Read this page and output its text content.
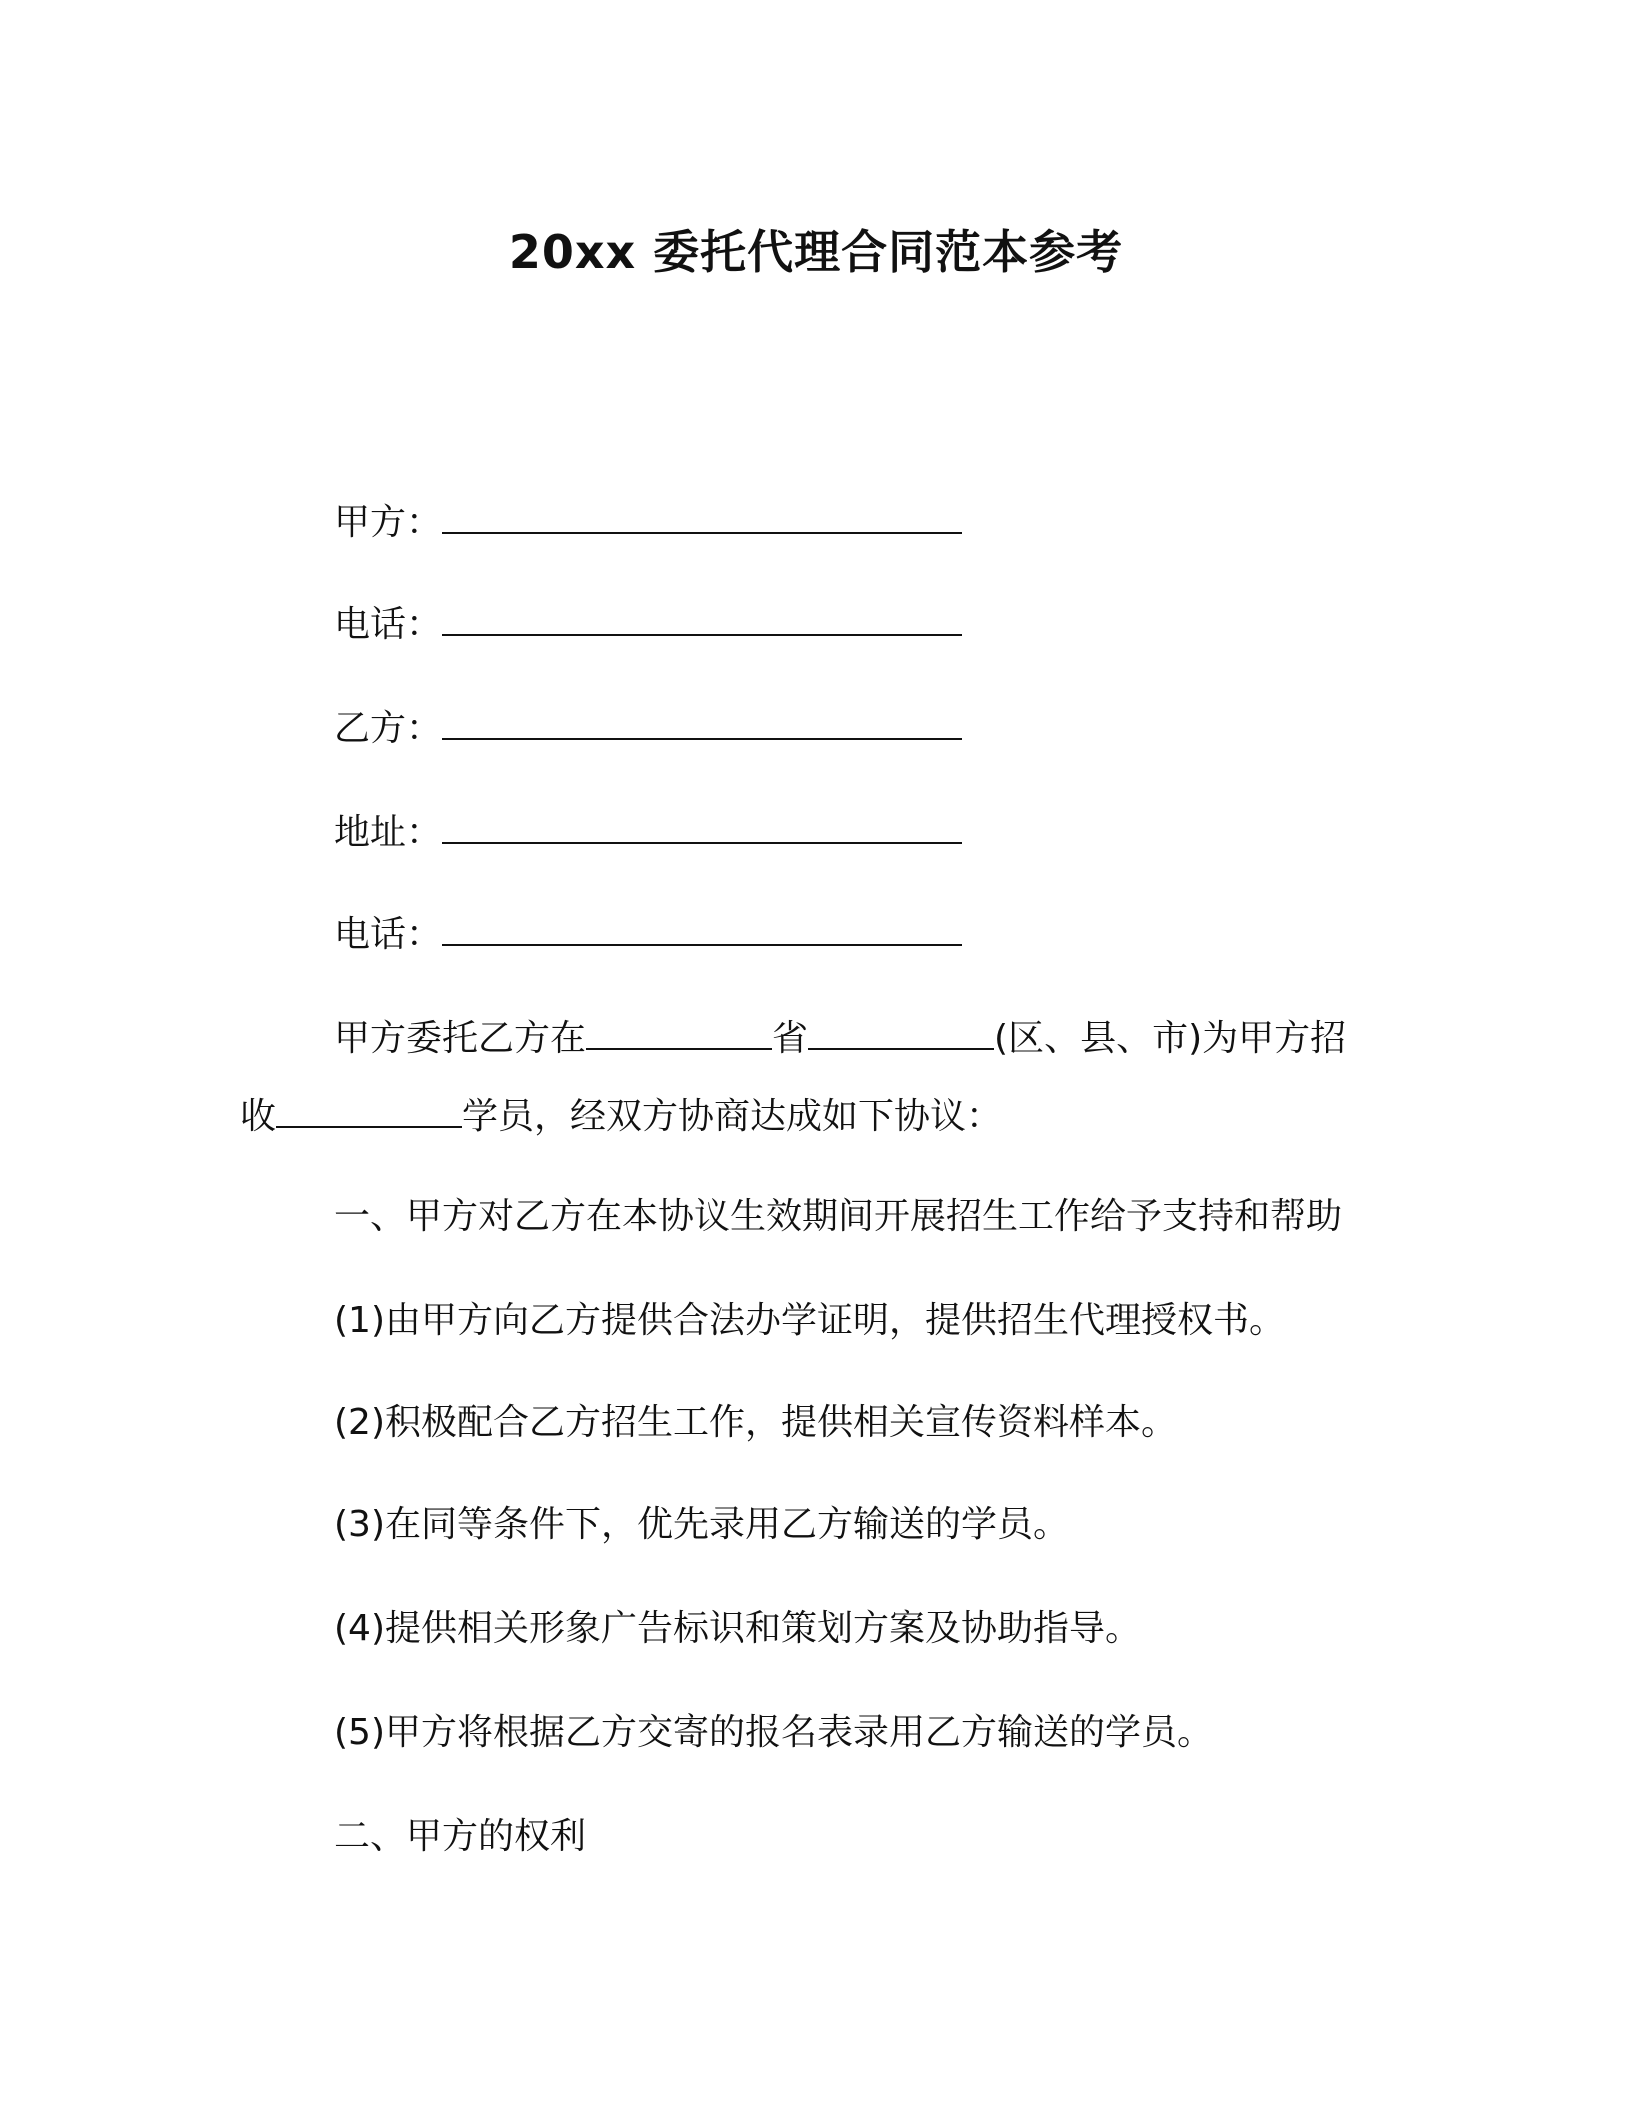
20xx 委托代理合同范本参考
甲方：
电话：
乙方：
地址：
电话：
甲方委托乙方在	省	(区、县、市)为甲方招
收	学员，经双方协商达成如下协议：
一、甲方对乙方在本协议生效期间开展招生工作给予支持和帮助
(1)由甲方向乙方提供合法办学证明，提供招生代理授权书。
(2)积极配合乙方招生工作，提供相关宣传资料样本。
(3)在同等条件下，优先录用乙方输送的学员。
(4)提供相关形象广告标识和策划方案及协助指导。
(5)甲方将根据乙方交寄的报名表录用乙方输送的学员。
二、甲方的权利
